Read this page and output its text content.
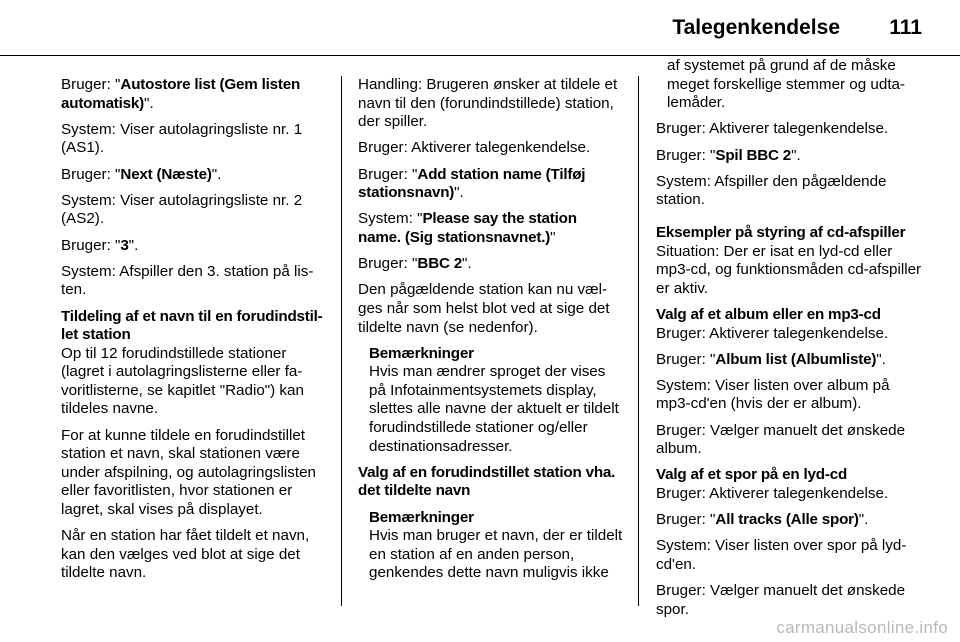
Talegenkendelse 111

Bruger: "Autostore list (Gem listen automatisk)".

System: Viser autolagringsliste nr. 1 (AS1).

Bruger: "Next (Næste)".

System: Viser autolagringsliste nr. 2 (AS2).

Bruger: "3".

System: Afspiller den 3. station på listen.

Tildeling af et navn til en forudindstillet station

Op til 12 forudindstillede stationer (lagret i autolagringslisterne eller favoritlisterne, se kapitlet "Radio") kan tildeles navne.

For at kunne tildele en forudindstillet station et navn, skal stationen være under afspilning, og autolagringslisten eller favoritlisten, hvor stationen er lagret, skal vises på displayet.

Når en station har fået tildelt et navn, kan den vælges ved blot at sige det tildelte navn.

Handling: Brugeren ønsker at tildele et navn til den (forundindstillede) station, der spiller.

Bruger: Aktiverer talegenkendelse.

Bruger: "Add station name (Tilføj stationsnavn)".

System: "Please say the station name. (Sig stationsnavnet.)"

Bruger: "BBC 2".

Den pågældende station kan nu vælges når som helst blot ved at sige det tildelte navn (se nedenfor).

Bemærkninger
Hvis man ændrer sproget der vises på Infotainmentsystemets display, slettes alle navne der aktuelt er tildelt forudindstillede stationer og/eller destinationsadresser.

Valg af en forudindstillet station vha. det tildelte navn

Bemærkninger
Hvis man bruger et navn, der er tildelt en station af en anden person, genkendes dette navn muligvis ikke

af systemet på grund af de måske meget forskellige stemmer og udtalemåder.

Bruger: Aktiverer talegenkendelse.

Bruger: "Spil BBC 2".

System: Afspiller den pågældende station.

Eksempler på styring af cd-afspiller

Situation: Der er isat en lyd-cd eller mp3-cd, og funktionsmåden cd-afspiller er aktiv.

Valg af et album eller en mp3-cd

Bruger: Aktiverer talegenkendelse.

Bruger: "Album list (Albumliste)".

System: Viser listen over album på mp3-cd'en (hvis der er album).

Bruger: Vælger manuelt det ønskede album.

Valg af et spor på en lyd-cd

Bruger: Aktiverer talegenkendelse.

Bruger: "All tracks (Alle spor)".

System: Viser listen over spor på lyd-cd'en.

Bruger: Vælger manuelt det ønskede spor.

carmanualsonline.info
